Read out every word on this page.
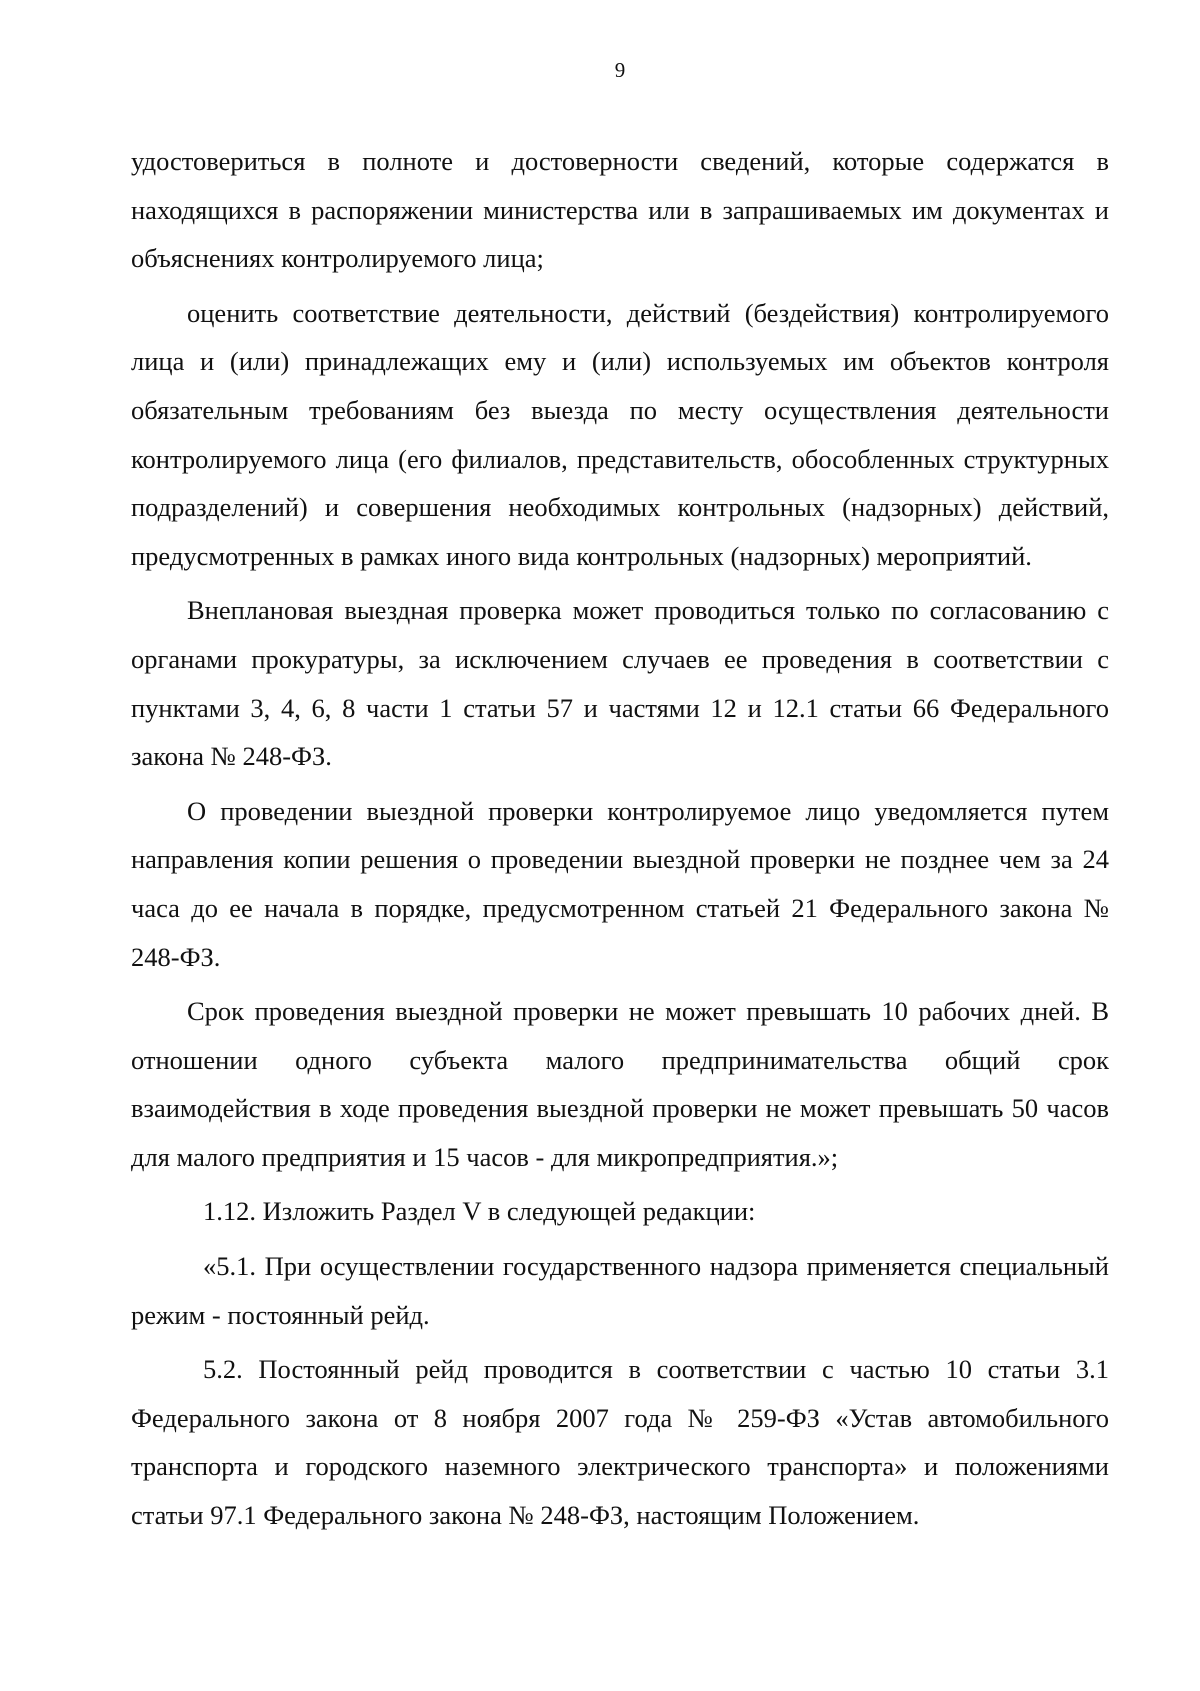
9

удостовериться в полноте и достоверности сведений, которые содержатся в находящихся в распоряжении министерства или в запрашиваемых им документах и объяснениях контролируемого лица;

оценить соответствие деятельности, действий (бездействия) контролируемого лица и (или) принадлежащих ему и (или) используемых им объектов контроля обязательным требованиям без выезда по месту осуществления деятельности контролируемого лица (его филиалов, представительств, обособленных структурных подразделений) и совершения необходимых контрольных (надзорных) действий, предусмотренных в рамках иного вида контрольных (надзорных) мероприятий.

Внеплановая выездная проверка может проводиться только по согласованию с органами прокуратуры, за исключением случаев ее проведения в соответствии с пунктами 3, 4, 6, 8 части 1 статьи 57 и частями 12 и 12.1 статьи 66 Федерального закона № 248-ФЗ.

О проведении выездной проверки контролируемое лицо уведомляется путем направления копии решения о проведении выездной проверки не позднее чем за 24 часа до ее начала в порядке, предусмотренном статьей 21 Федерального закона № 248-ФЗ.

Срок проведения выездной проверки не может превышать 10 рабочих дней. В отношении одного субъекта малого предпринимательства общий срок взаимодействия в ходе проведения выездной проверки не может превышать 50 часов для малого предприятия и 15 часов - для микропредприятия.»;

1.12. Изложить Раздел V в следующей редакции:

«5.1. При осуществлении государственного надзора применяется специальный режим - постоянный рейд.

5.2. Постоянный рейд проводится в соответствии с частью 10 статьи 3.1 Федерального закона от 8 ноября 2007 года № 259-ФЗ «Устав автомобильного транспорта и городского наземного электрического транспорта» и положениями статьи 97.1 Федерального закона № 248-ФЗ, настоящим Положением.
